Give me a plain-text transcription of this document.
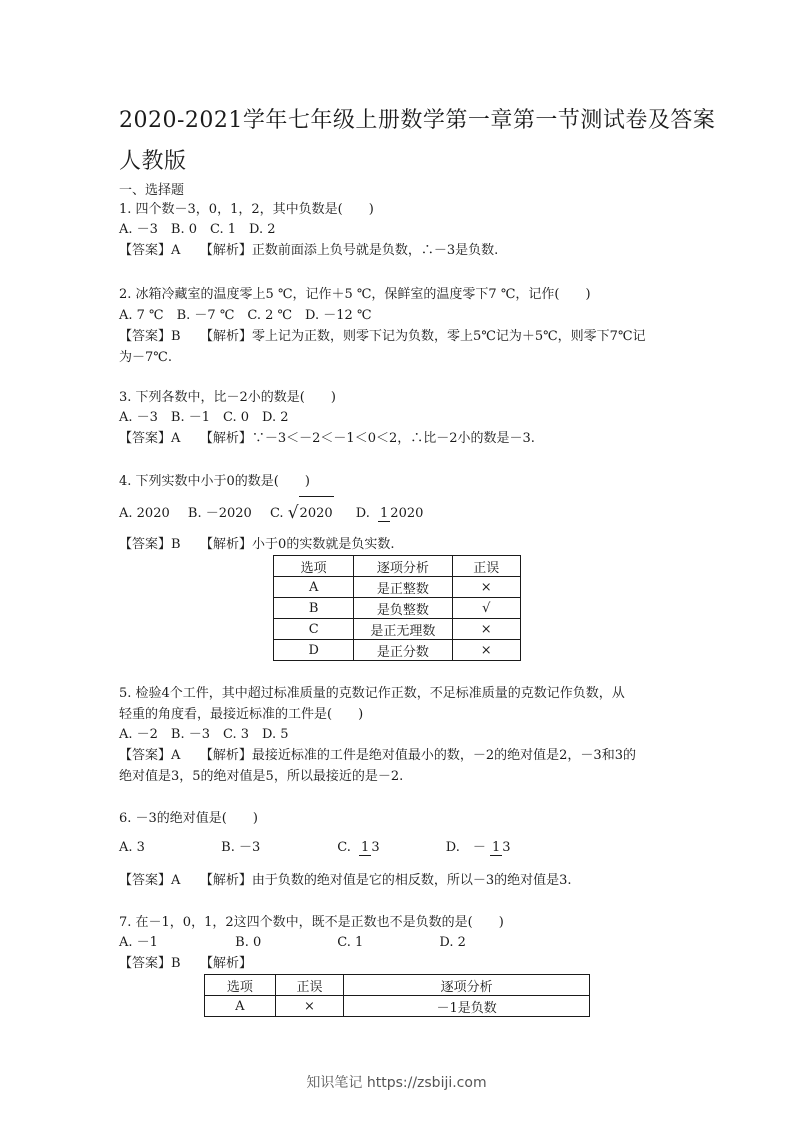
2020-2021学年七年级上册数学第一章第一节测试卷及答案
人教版
一、选择题
1. 四个数－3，0，1，2，其中负数是(　　)
A. －3　B. 0　C. 1　D. 2
【答案】A　　【解析】正数前面添上负号就是负数，∴－3是负数.
2. 冰箱冷藏室的温度零上5 ℃，记作＋5 ℃，保鲜室的温度零下7 ℃，记作(　　)
A. 7 ℃　B. －7 ℃　C. 2 ℃　D. －12 ℃
【答案】B　　【解析】零上记为正数，则零下记为负数，零上5℃记为＋5℃，则零下7℃记
为－7℃.
3. 下列各数中，比－2小的数是(　　)
A. －3　B. －1　C. 0　D. 2
【答案】A　　【解析】∵－3＜－2＜－1＜0＜2，∴比－2小的数是－3.
4. 下列实数中小于0的数是(　　)
A. 2020 B. －2020 C. √2020 D. 1 2020
【答案】B　　【解析】小于0的实数就是负实数.
选项	逐项分析	正误
A	是正整数	×
B	是负整数	√
C	是正无理数	×
D	是正分数	×
5. 检验4个工件，其中超过标准质量的克数记作正数，不足标准质量的克数记作负数，从
轻重的角度看，最接近标准的工件是(　　)
A. －2　B. －3　C. 3　D. 5
【答案】A　　【解析】最接近标准的工件是绝对值最小的数，－2的绝对值是2，－3和3的
绝对值是3，5的绝对值是5，所以最接近的是－2.
6. －3的绝对值是(　　)
A. 3	B. －3	C. 1 3	D.　－ 1 3
【答案】A　　【解析】由于负数的绝对值是它的相反数，所以－3的绝对值是3.
7. 在－1，0，1，2这四个数中，既不是正数也不是负数的是(　　)
A. －1	B. 0	C. 1	D. 2
【答案】B　　【解析】
选项	正误	逐项分析
A	×	－1是负数
知识笔记 https://zsbiji.com
